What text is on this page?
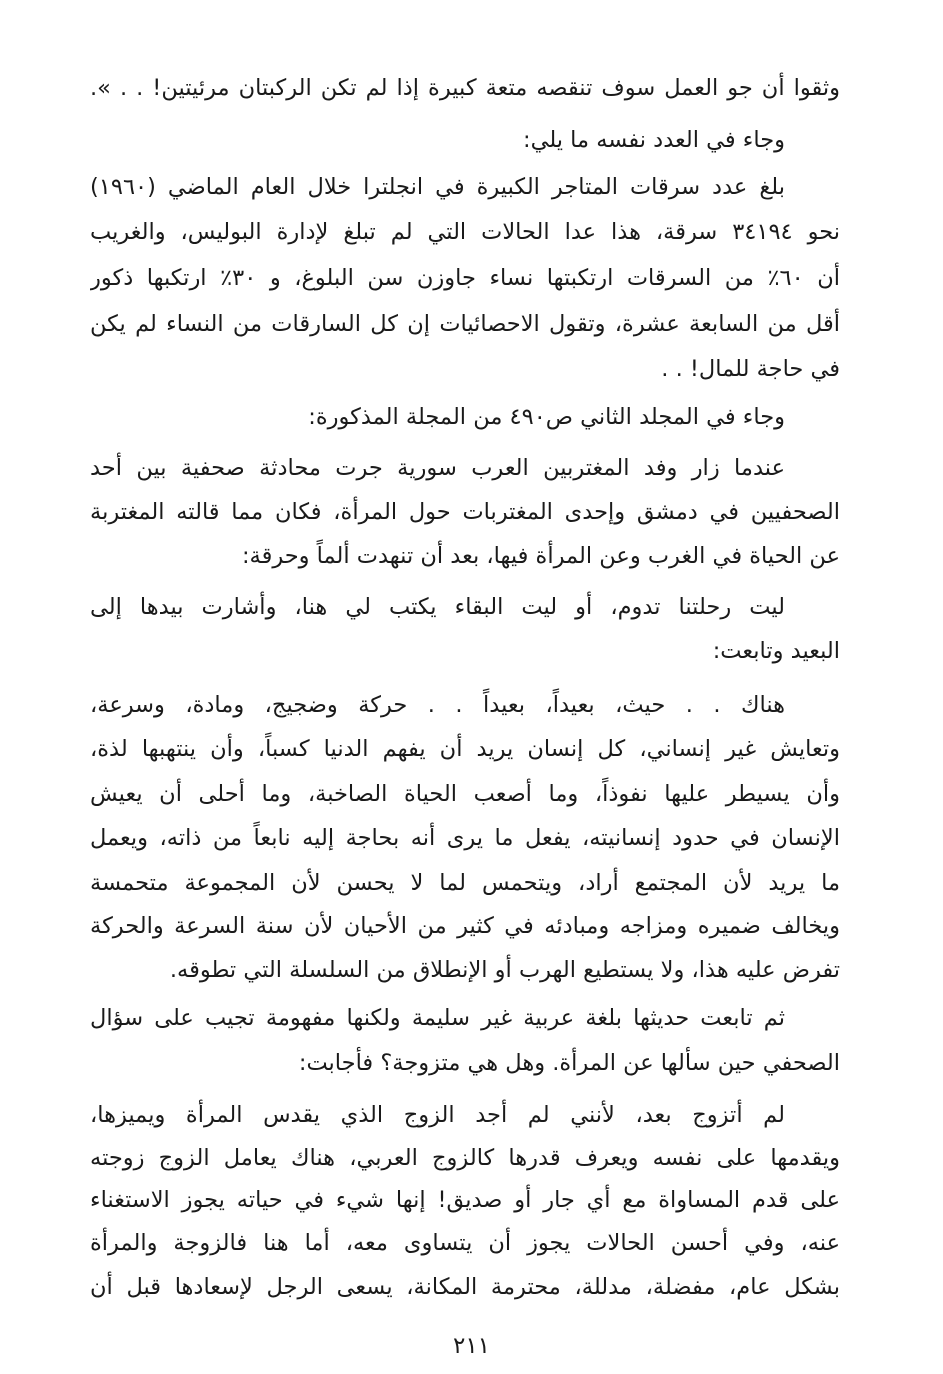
وثقوا أن جو العمل سوف تنقصه متعة كبيرة إذا لم تكن الركبتان مرئيتين! . . ».
وجاء في العدد نفسه ما يلي:
بلغ عدد سرقات المتاجر الكبيرة في انجلترا خلال العام الماضي (١٩٦٠)
نحو ٣٤١٩٤ سرقة، هذا عدا الحالات التي لم تبلغ لإدارة البوليس، والغريب
أن ٦٠٪ من السرقات ارتكبتها نساء جاوزن سن البلوغ، و ٣٠٪ ارتكبها ذكور
أقل من السابعة عشرة، وتقول الاحصائيات إن كل السارقات من النساء لم يكن
في حاجة للمال! . .
وجاء في المجلد الثاني ص٤٩٠ من المجلة المذكورة:
عندما زار وفد المغتربين العرب سورية جرت محادثة صحفية بين أحد
الصحفيين في دمشق وإحدى المغتربات حول المرأة، فكان مما قالته المغتربة
عن الحياة في الغرب وعن المرأة فيها، بعد أن تنهدت ألماً وحرقة:
ليت رحلتنا تدوم، أو ليت البقاء يكتب لي هنا، وأشارت بيدها إلى
البعيد وتابعت:
هناك . . حيث، بعيداً، بعيداً . . حركة وضجيج، ومادة، وسرعة،
وتعايش غير إنساني، كل إنسان يريد أن يفهم الدنيا كسباً، وأن ينتهبها لذة،
وأن يسيطر عليها نفوذاً، وما أصعب الحياة الصاخبة، وما أحلى أن يعيش
الإنسان في حدود إنسانيته، يفعل ما يرى أنه بحاجة إليه نابعاً من ذاته، ويعمل
ما يريد لأن المجتمع أراد، ويتحمس لما لا يحسن لأن المجموعة متحمسة
ويخالف ضميره ومزاجه ومبادئه في كثير من الأحيان لأن سنة السرعة والحركة
تفرض عليه هذا، ولا يستطيع الهرب أو الإنطلاق من السلسلة التي تطوقه.
ثم تابعت حديثها بلغة عربية غير سليمة ولكنها مفهومة تجيب على سؤال
الصحفي حين سألها عن المرأة. وهل هي متزوجة؟ فأجابت:
لم أتزوج بعد، لأنني لم أجد الزوج الذي يقدس المرأة ويميزها،
ويقدمها على نفسه ويعرف قدرها كالزوج العربي، هناك يعامل الزوج زوجته
على قدم المساواة مع أي جار أو صديق! إنها شيء في حياته يجوز الاستغناء
عنه، وفي أحسن الحالات يجوز أن يتساوى معه، أما هنا فالزوجة والمرأة
بشكل عام، مفضلة، مدللة، محترمة المكانة، يسعى الرجل لإسعادها قبل أن
٢١١
